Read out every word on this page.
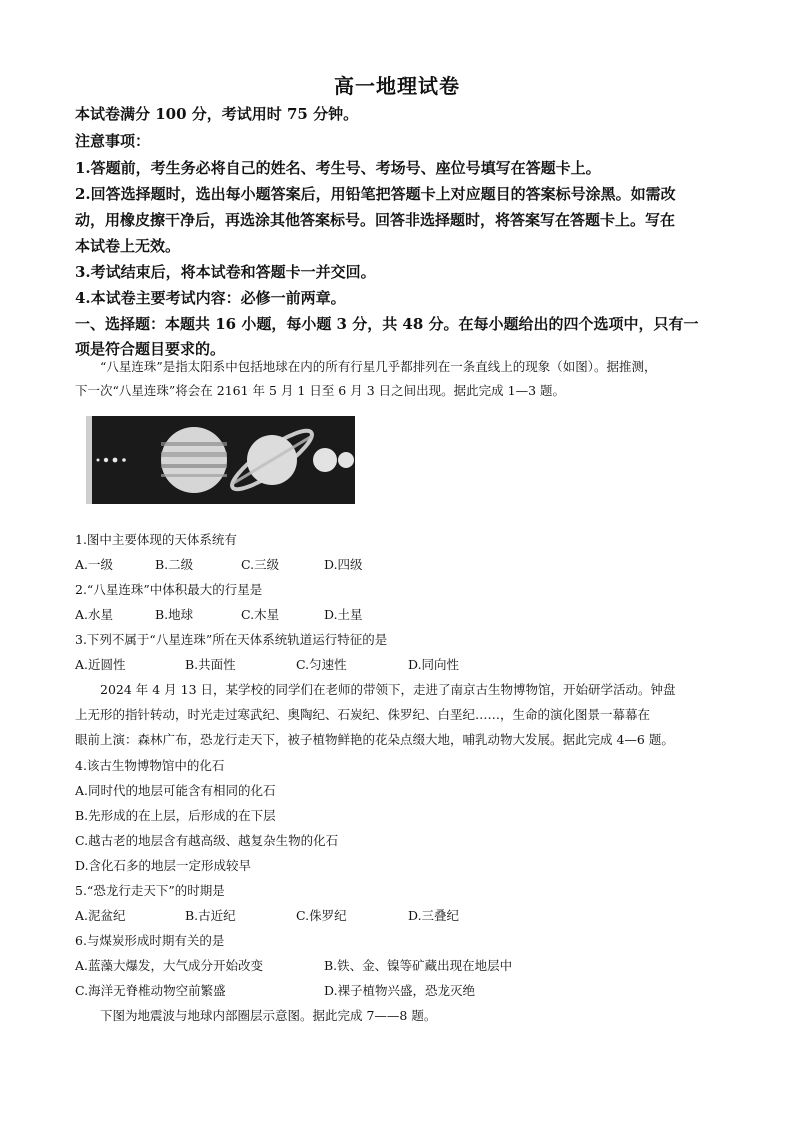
高一地理试卷
本试卷满分 100 分，考试用时 75 分钟。
注意事项：
1.答题前，考生务必将自己的姓名、考生号、考场号、座位号填写在答题卡上。
2.回答选择题时，选出每小题答案后，用铅笔把答题卡上对应题目的答案标号涂黑。如需改
动，用橡皮擦干净后，再选涂其他答案标号。回答非选择题时，将答案写在答题卡上。写在
本试卷上无效。
3.考试结束后，将本试卷和答题卡一并交回。
4.本试卷主要考试内容：必修一前两章。
一、选择题：本题共 16 小题，每小题 3 分，共 48 分。在每小题给出的四个选项中，只有一
项是符合题目要求的。
“八星连珠”是指太阳系中包括地球在内的所有行星几乎都排列在一条直线上的现象（如图）。据推测，
下一次“八星连珠”将会在 2161 年 5 月 1 日至 6 月 3 日之间出现。据此完成 1—3 题。
1.图中主要体现的天体系统有
A.一级	B.二级	C.三级	D.四级
2.“八星连珠”中体积最大的行星是
A.水星	B.地球	C.木星	D.土星
3.下列不属于“八星连珠”所在天体系统轨道运行特征的是
A.近圆性	B.共面性	C.匀速性	D.同向性
2024 年 4 月 13 日，某学校的同学们在老师的带领下，走进了南京古生物博物馆，开始研学活动。钟盘
上无形的指针转动，时光走过寒武纪、奥陶纪、石炭纪、侏罗纪、白垩纪……，生命的演化图景一幕幕在
眼前上演：森林广布，恐龙行走天下，被子植物鲜艳的花朵点缀大地，哺乳动物大发展。据此完成 4—6 题。
4.该古生物博物馆中的化石
A.同时代的地层可能含有相同的化石
B.先形成的在上层，后形成的在下层
C.越古老的地层含有越高级、越复杂生物的化石
D.含化石多的地层一定形成较早
5.“恐龙行走天下”的时期是
A.泥盆纪	B.古近纪	C.侏罗纪	D.三叠纪
6.与煤炭形成时期有关的是
A.蓝藻大爆发，大气成分开始改变	B.铁、金、镍等矿藏出现在地层中
C.海洋无脊椎动物空前繁盛	D.裸子植物兴盛，恐龙灭绝
下图为地震波与地球内部圈层示意图。据此完成 7——8 题。
